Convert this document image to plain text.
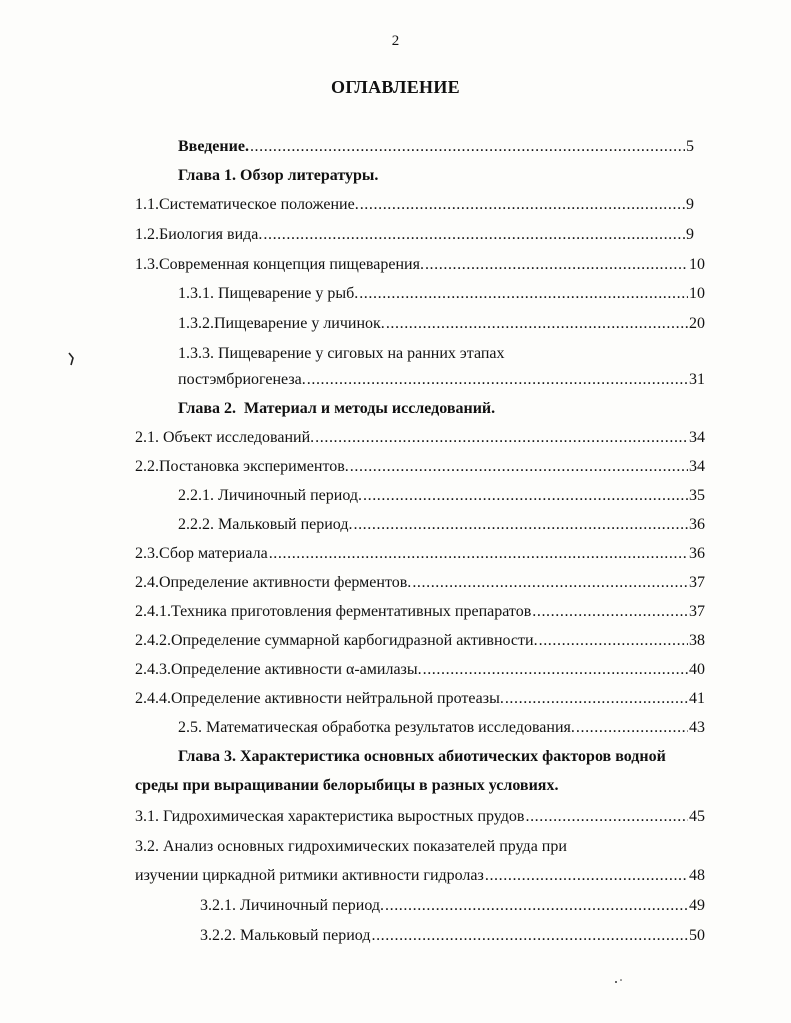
2
ОГЛАВЛЕНИЕ
Введение. .....	5
Глава 1. Обзор литературы.
1.1.Систематическое положение. .....	9
1.2.Биология вида. .....	9
1.3.Современная концепция пищеварения. .....	10
1.3.1. Пищеварение у рыб. .....	10
1.3.2.Пищеварение у личинок. .....	20
1.3.3. Пищеварение у сиговых на ранних этапах
постэмбриогенеза. .....	31
Глава 2.  Материал и методы исследований.
2.1. Объект исследований. .....	34
2.2.Постановка экспериментов. .....	34
2.2.1. Личиночный период. .....	35
2.2.2. Мальковый период. .....	36
2.3.Сбор материала .....	36
2.4.Определение активности ферментов. .....	37
2.4.1.Техника приготовления ферментативных препаратов .....	37
2.4.2.Определение суммарной карбогидразной активности. .....	38
2.4.3.Определение активности α-амилазы. .....	40
2.4.4.Определение активности нейтральной протеазы. .....	41
2.5. Математическая обработка результатов исследования. .....	43
Глава 3. Характеристика основных абиотических факторов водной
среды при выращивании белорыбицы в разных условиях.
3.1. Гидрохимическая характеристика выростных прудов .....	45
3.2. Анализ основных гидрохимических показателей пруда при
изучении циркадной ритмики активности гидролаз .....	48
3.2.1. Личиночный период. .....	49
3.2.2. Мальковый период .....	50
